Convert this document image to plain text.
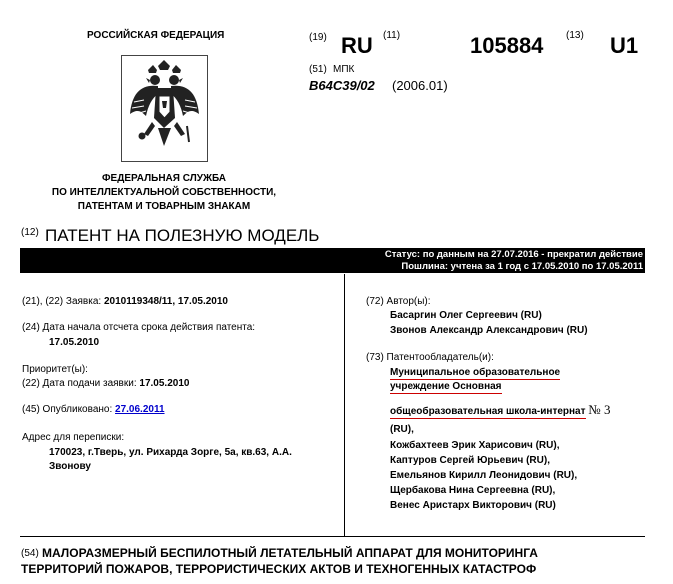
РОССИЙСКАЯ ФЕДЕРАЦИЯ
ФЕДЕРАЛЬНАЯ СЛУЖБА
ПО ИНТЕЛЛЕКТУАЛЬНОЙ СОБСТВЕННОСТИ,
ПАТЕНТАМ И ТОВАРНЫМ ЗНАКАМ
(19) RU (11)	105884 (13) U1
(51) МПК
B64C39/02 (2006.01)
(12) ПАТЕНТ НА ПОЛЕЗНУЮ МОДЕЛЬ
Статус: по данным на 27.07.2016 - прекратил действие
Пошлина: учтена за 1 год с 17.05.2010 по 17.05.2011
(21), (22) Заявка: 2010119348/11, 17.05.2010
(24) Дата начала отсчета срока действия патента:
17.05.2010
Приоритет(ы):
(22) Дата подачи заявки: 17.05.2010
(45) Опубликовано: 27.06.2011
Адрес для переписки:
170023, г.Тверь, ул. Рихарда Зорге, 5а, кв.63, А.А.
Звонову
(72) Автор(ы):
Басаргин Олег Сергеевич (RU)
Звонов Александр Александрович (RU)
(73) Патентообладатель(и):
Муниципальное образовательное
учреждение Основная
общеобразовательная школа-интернат № 3
(RU),
Кожбахтеев Эрик Харисович (RU),
Каптуров Сергей Юрьевич (RU),
Емельянов Кирилл Леонидович (RU),
Щербакова Нина Сергеевна (RU),
Венес Аристарх Викторович (RU)
(54) МАЛОРАЗМЕРНЫЙ БЕСПИЛОТНЫЙ ЛЕТАТЕЛЬНЫЙ АППАРАТ ДЛЯ МОНИТОРИНГА
ТЕРРИТОРИЙ ПОЖАРОВ, ТЕРРОРИСТИЧЕСКИХ АКТОВ И ТЕХНОГЕННЫХ КАТАСТРОФ
